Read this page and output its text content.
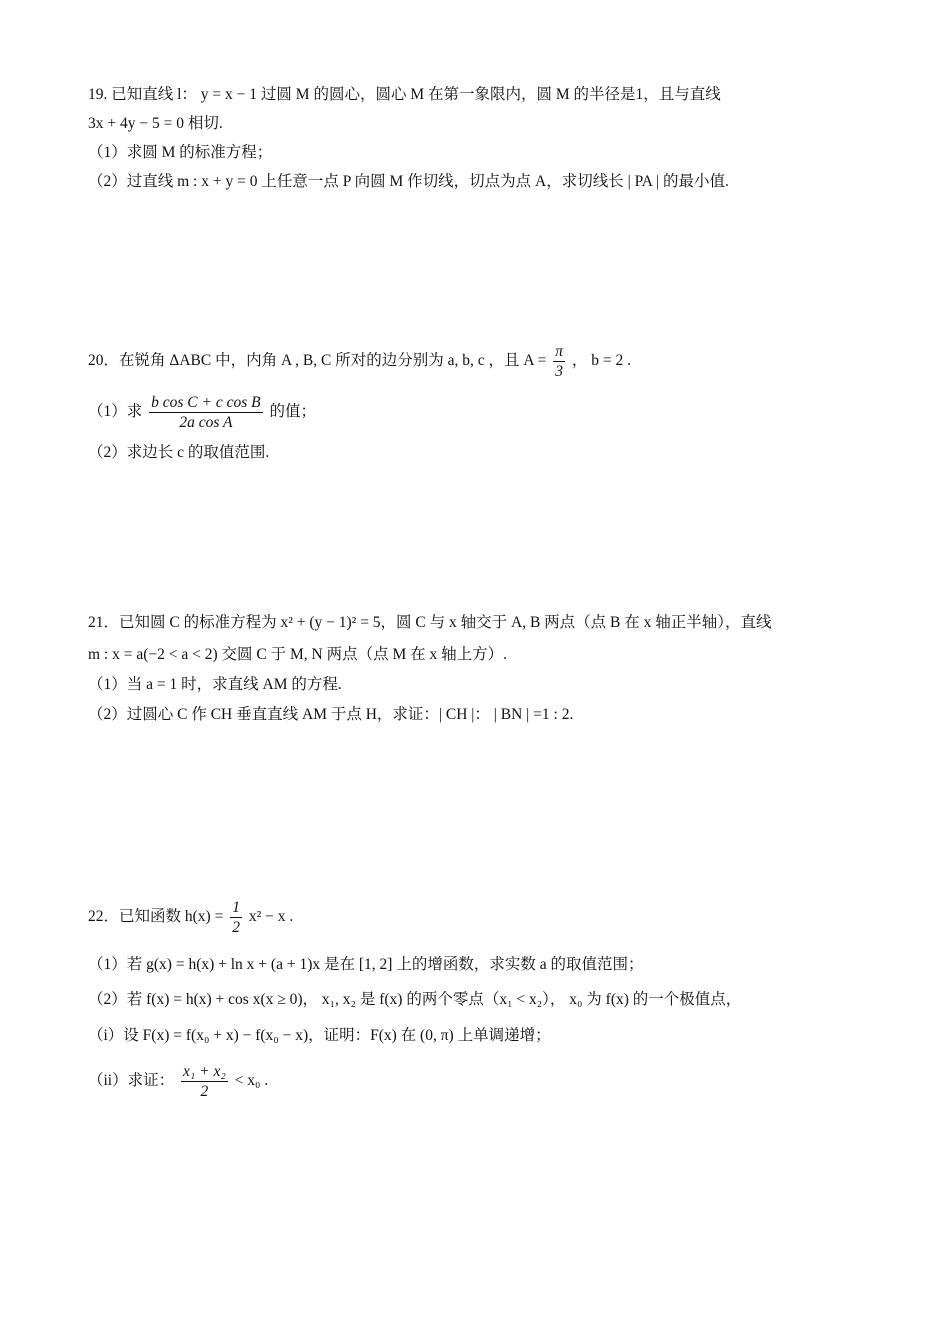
19. 已知直线 l： y = x − 1 过圆 M 的圆心，圆心 M 在第一象限内，圆 M 的半径是1，且与直线
3x + 4y − 5 = 0 相切.
（1）求圆 M 的标准方程；
（2）过直线 m : x + y = 0 上任意一点 P 向圆 M 作切线，切点为点 A，求切线长 | PA | 的最小值.
20．在锐角 ΔABC 中，内角 A , B, C 所对的边分别为 a, b, c ，且 $A = \frac{\pi}{3}$ ， b = 2 .
（1）求 $\frac{\text{b cos C + c cos B}}{\text{2a cos A}}$ 的值；
（2）求边长 c 的取值范围.
21．已知圆 C 的标准方程为 x² + (y − 1)² = 5，圆 C 与 x 轴交于 A, B 两点（点 B 在 x 轴正半轴），直线
m : x = a(−2 < a < 2) 交圆 C 于 M, N 两点（点 M 在 x 轴上方）.
（1）当 a = 1 时，求直线 AM 的方程.
（2）过圆心 C 作 CH 垂直直线 AM 于点 H，求证：| CH |： | BN | =1 : 2.
22．已知函数 $h(x) = \frac{1}{2} x^2 - x$ .
（1）若 g(x) = h(x) + ln x + (a + 1)x 是在 [1, 2] 上的增函数，求实数 a 的取值范围；
（2）若 f(x) = h(x) + cos x(x ≥ 0)， x₁, x₂ 是 f(x) 的两个零点（x₁ < x₂）， x₀ 为 f(x) 的一个极值点，
（i）设 F(x) = f(x₀ + x) − f(x₀ − x)，证明：F(x) 在 (0, π) 上单调递增；
（ii）求证： $\frac{\text{x₁ + x₂}}{2} < x_0$ .
